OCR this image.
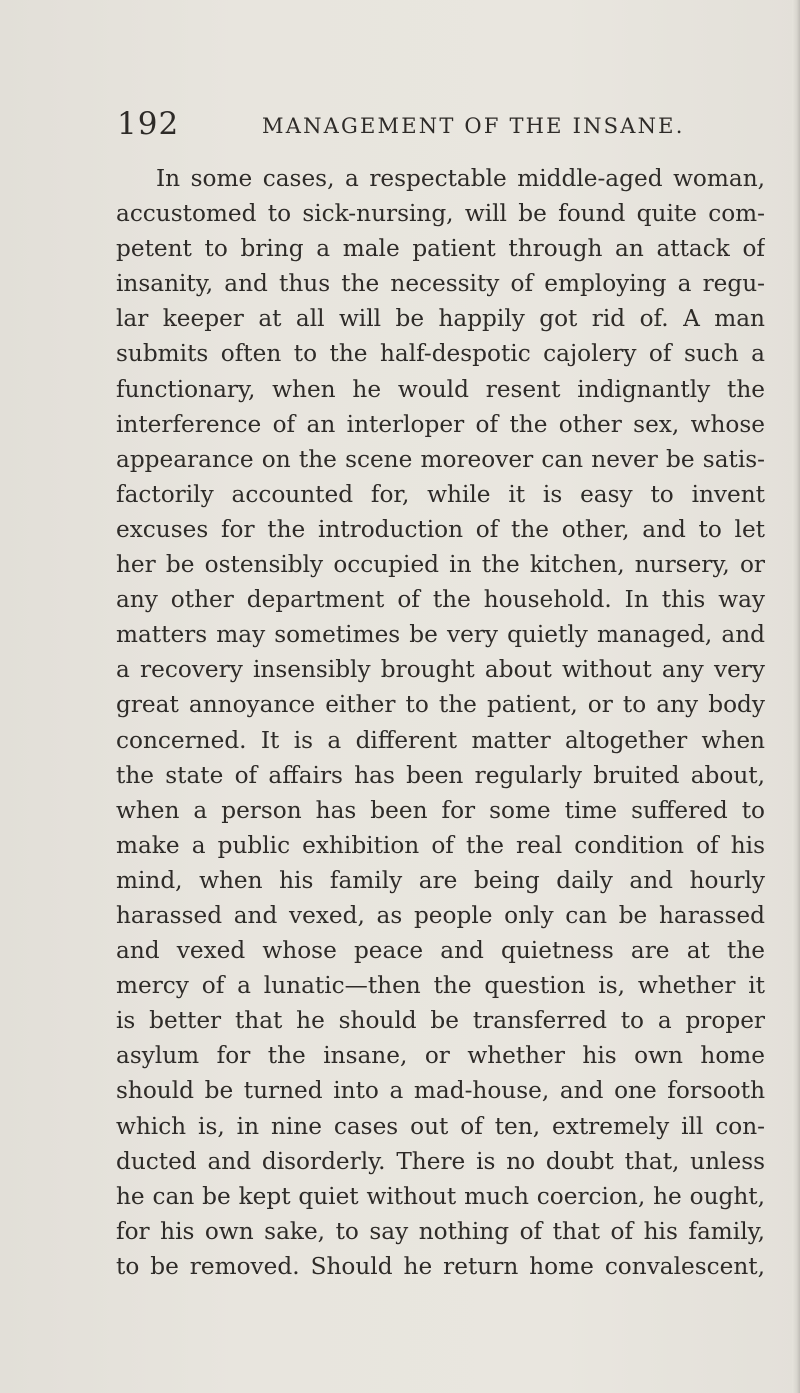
192	MANAGEMENT OF THE INSANE.
In some cases, a respectable middle-aged woman,
accustomed to sick-nursing, will be found quite com-
petent to bring a male patient through an attack of
insanity, and thus the necessity of employing a regu-
lar keeper at all will be happily got rid of. A man
submits often to the half-despotic cajolery of such a
functionary, when he would resent indignantly the
interference of an interloper of the other sex, whose
appearance on the scene moreover can never be satis-
factorily accounted for, while it is easy to invent
excuses for the introduction of the other, and to let
her be ostensibly occupied in the kitchen, nursery, or
any other department of the household. In this way
matters may sometimes be very quietly managed, and
a recovery insensibly brought about without any very
great annoyance either to the patient, or to any body
concerned. It is a different matter altogether when
the state of affairs has been regularly bruited about,
when a person has been for some time suffered to
make a public exhibition of the real condition of his
mind, when his family are being daily and hourly
harassed and vexed, as people only can be harassed
and vexed whose peace and quietness are at the
mercy of a lunatic—then the question is, whether it
is better that he should be transferred to a proper
asylum for the insane, or whether his own home
should be turned into a mad-house, and one forsooth
which is, in nine cases out of ten, extremely ill con-
ducted and disorderly. There is no doubt that, unless
he can be kept quiet without much coercion, he ought,
for his own sake, to say nothing of that of his family,
to be removed. Should he return home convalescent,
